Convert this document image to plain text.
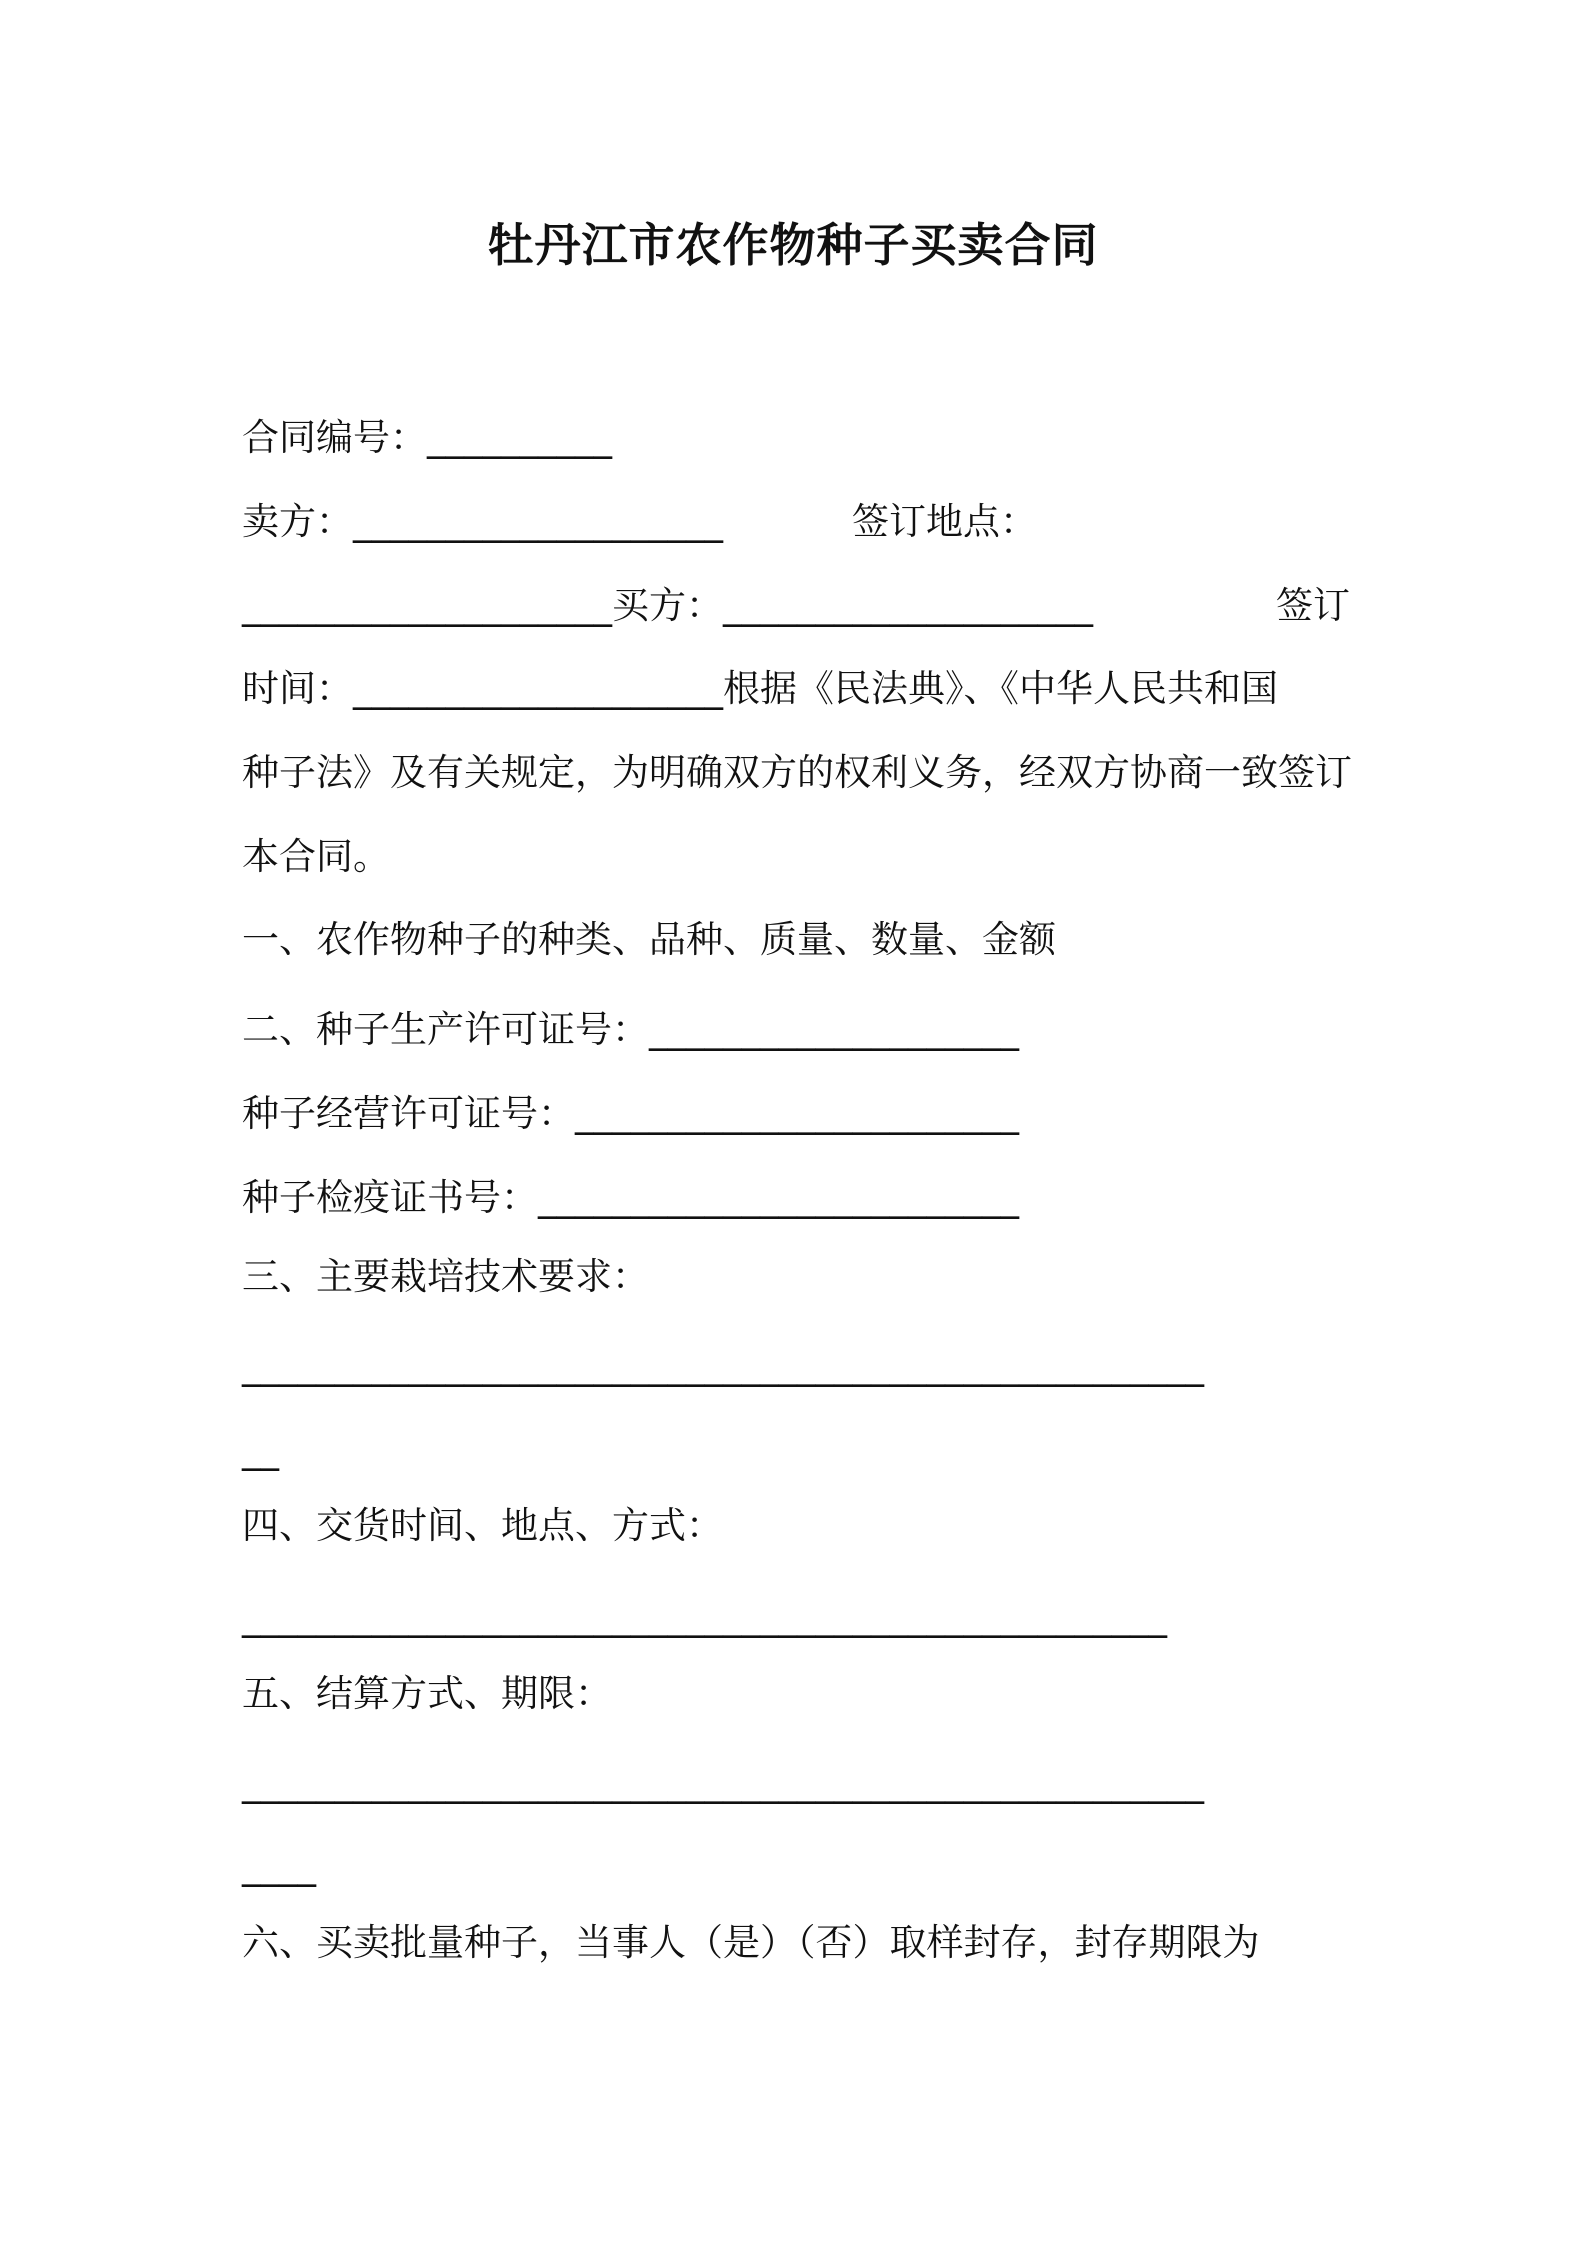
牡丹江市农作物种子买卖合同
合同编号：__________
卖方：____________________	签订地点：
____________________买方：____________________	签订
时间：____________________根据《民法典》、《中华人民共和国
种子法》及有关规定，为明确双方的权利义务，经双方协商一致签订
本合同。
一、农作物种子的种类、品种、质量、数量、金额
二、种子生产许可证号：____________________
种子经营许可证号：________________________
种子检疫证书号：__________________________
三、主要栽培技术要求：
____________________________________________________
__
四、交货时间、地点、方式：
__________________________________________________
五、结算方式、期限：
____________________________________________________
____
六、买卖批量种子，当事人（是）（否）取样封存，封存期限为
